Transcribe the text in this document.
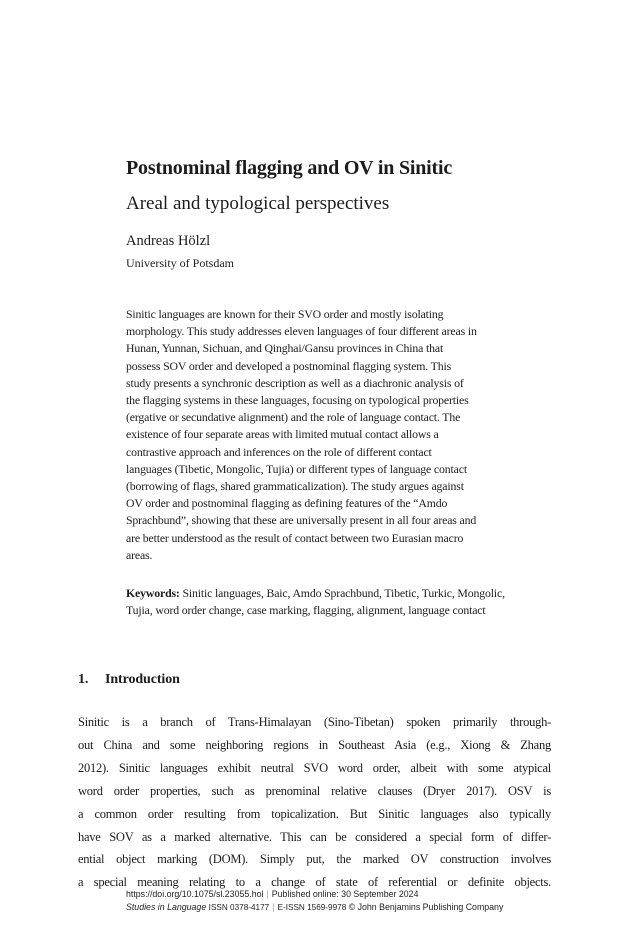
Postnominal flagging and OV in Sinitic
Areal and typological perspectives
Andreas Hölzl
University of Potsdam
Sinitic languages are known for their SVO order and mostly isolating
morphology. This study addresses eleven languages of four different areas in
Hunan, Yunnan, Sichuan, and Qinghai/Gansu provinces in China that
possess SOV order and developed a postnominal flagging system. This
study presents a synchronic description as well as a diachronic analysis of
the flagging systems in these languages, focusing on typological properties
(ergative or secundative alignment) and the role of language contact. The
existence of four separate areas with limited mutual contact allows a
contrastive approach and inferences on the role of different contact
languages (Tibetic, Mongolic, Tujia) or different types of language contact
(borrowing of flags, shared grammaticalization). The study argues against
OV order and postnominal flagging as defining features of the “Amdo
Sprachbund”, showing that these are universally present in all four areas and
are better understood as the result of contact between two Eurasian macro
areas.
Keywords: Sinitic languages, Baic, Amdo Sprachbund, Tibetic, Turkic, Mongolic, Tujia, word order change, case marking, flagging, alignment, language contact
1. Introduction
Sinitic is a branch of Trans-Himalayan (Sino-Tibetan) spoken primarily through-
out China and some neighboring regions in Southeast Asia (e.g., Xiong & Zhang
2012). Sinitic languages exhibit neutral SVO word order, albeit with some atypical
word order properties, such as prenominal relative clauses (Dryer 2017). OSV is
a common order resulting from topicalization. But Sinitic languages also typically
have SOV as a marked alternative. This can be considered a special form of differ-
ential object marking (DOM). Simply put, the marked OV construction involves
a special meaning relating to a change of state of referential or definite objects.
https://doi.org/10.1075/sl.23055.hol | Published online: 30 September 2024
Studies in Language ISSN 0378-4177 | E-ISSN 1569-9978 © John Benjamins Publishing Company
